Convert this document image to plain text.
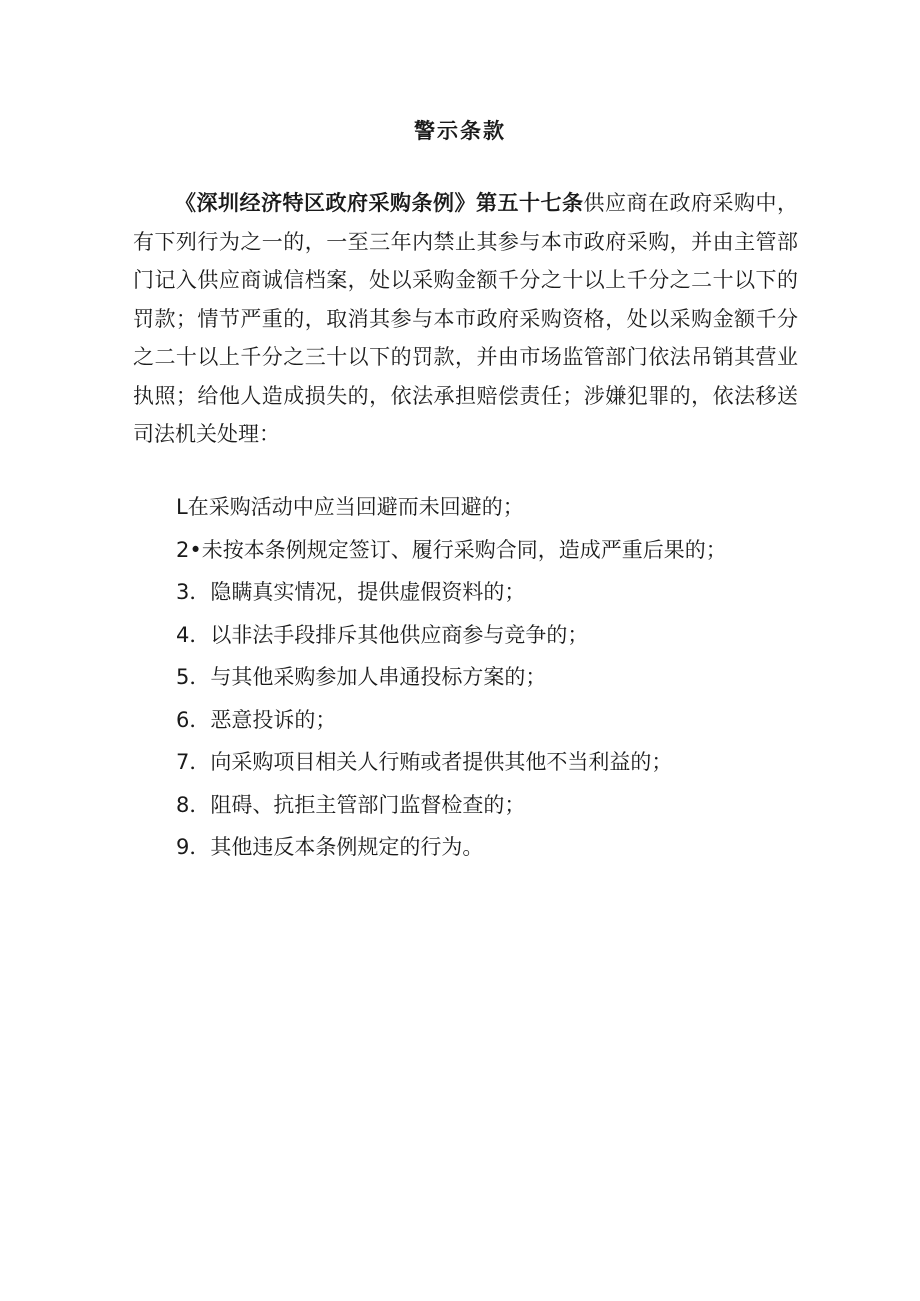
警示条款

《深圳经济特区政府采购条例》第五十七条供应商在政府采购中，有下列行为之一的，一至三年内禁止其参与本市政府采购，并由主管部门记入供应商诚信档案，处以采购金额千分之十以上千分之二十以下的罚款；情节严重的，取消其参与本市政府采购资格，处以采购金额千分之二十以上千分之三十以下的罚款，并由市场监管部门依法吊销其营业执照；给他人造成损失的，依法承担赔偿责任；涉嫌犯罪的，依法移送司法机关处理：

L在采购活动中应当回避而未回避的；
2•未按本条例规定签订、履行采购合同，造成严重后果的；
3．隐瞒真实情况，提供虚假资料的；
4．以非法手段排斥其他供应商参与竞争的；
5．与其他采购参加人串通投标方案的；
6．恶意投诉的；
7．向采购项目相关人行贿或者提供其他不当利益的；
8．阻碍、抗拒主管部门监督检查的；
9．其他违反本条例规定的行为。
